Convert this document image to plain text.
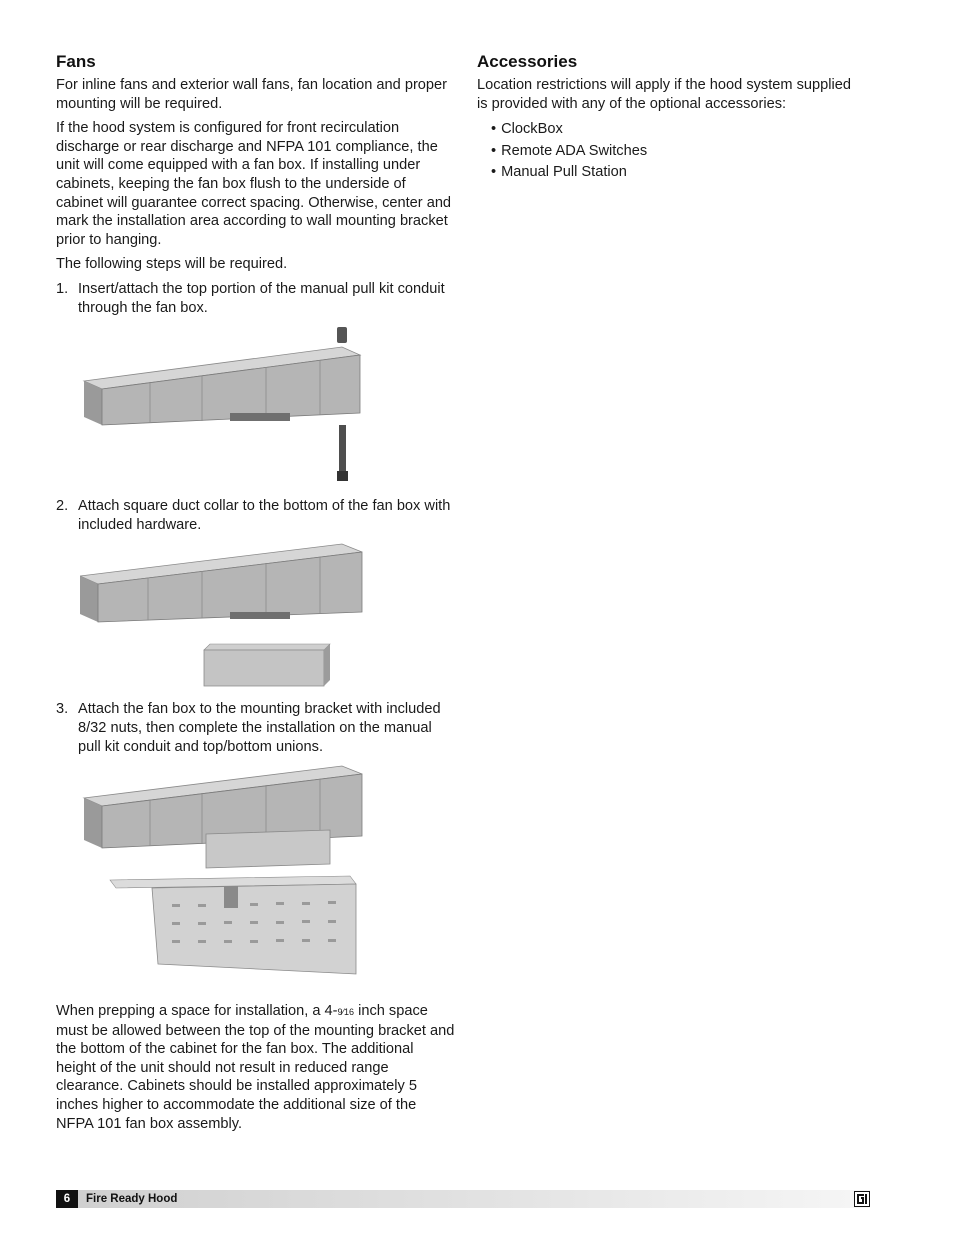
Fans

For inline fans and exterior wall fans, fan location and proper mounting will be required.

If the hood system is configured for front recirculation discharge or rear discharge and NFPA 101 compliance, the unit will come equipped with a fan box. If installing under cabinets, keeping the fan box flush to the underside of cabinet will guarantee correct spacing. Otherwise, center and mark the installation area according to wall mounting bracket prior to hanging.

The following steps will be required.

1. Insert/attach the top portion of the manual pull kit conduit through the fan box.
2. Attach square duct collar to the bottom of the fan box with included hardware.
3. Attach the fan box to the mounting bracket with included 8/32 nuts, then complete the installation on the manual pull kit conduit and top/bottom unions.

When prepping a space for installation, a 4-9⁄16 inch space must be allowed between the top of the mounting bracket and the bottom of the cabinet for the fan box. The additional height of the unit should not result in reduced range clearance. Cabinets should be installed approximately 5 inches higher to accommodate the additional size of the NFPA 101 fan box assembly.

Accessories

Location restrictions will apply if the hood system supplied is provided with any of the optional accessories:

• ClockBox
• Remote ADA Switches
• Manual Pull Station
6	Fire Ready Hood
